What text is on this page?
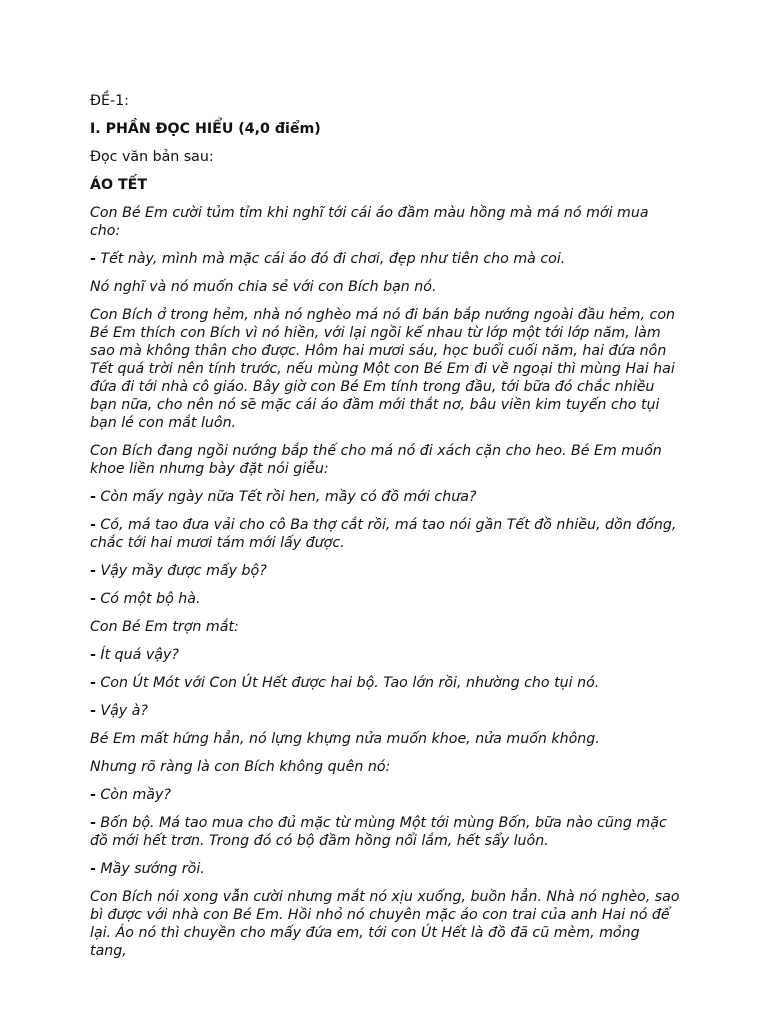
ĐỀ-1:

I. PHẦN ĐỌC HIỂU (4,0 điểm)

Đọc văn bản sau:

ÁO TẾT

Con Bé Em cười tủm tỉm khi nghĩ tới cái áo đầm màu hồng mà má nó mới mua cho:

- Tết này, mình mà mặc cái áo đó đi chơi, đẹp như tiên cho mà coi.

Nó nghĩ và nó muốn chia sẻ với con Bích bạn nó.

Con Bích ở trong hẻm, nhà nó nghèo má nó đi bán bắp nướng ngoài đầu hẻm, con Bé Em thích con Bích vì nó hiền, với lại ngồi kế nhau từ lớp một tới lớp năm, làm sao mà không thân cho được. Hôm hai mươi sáu, học buổi cuối năm, hai đứa nôn Tết quá trời nên tính trước, nếu mùng Một con Bé Em đi về ngoại thì mùng Hai hai đứa đi tới nhà cô giáo. Bây giờ con Bé Em tính trong đầu, tới bữa đó chắc nhiều bạn nữa, cho nên nó sẽ mặc cái áo đầm mới thắt nơ, bâu viền kim tuyến cho tụi bạn lé con mắt luôn.

Con Bích đang ngồi nướng bắp thế cho má nó đi xách cặn cho heo. Bé Em muốn khoe liền nhưng bày đặt nói giễu:

- Còn mấy ngày nữa Tết rồi hen, mầy có đồ mới chưa?

- Có, má tao đưa vải cho cô Ba thợ cắt rồi, má tao nói gần Tết đồ nhiều, dồn đống, chắc tới hai mươi tám mới lấy được.

- Vậy mầy được mấy bộ?

- Có một bộ hà.

Con Bé Em trợn mắt:

- Ít quá vậy?

- Con Út Mót với Con Út Hết được hai bộ. Tao lớn rồi, nhường cho tụi nó.

- Vậy à?

Bé Em mất hứng hẳn, nó lựng khựng nửa muốn khoe, nửa muốn không.

Nhưng rõ ràng là con Bích không quên nó:

- Còn mầy?

- Bốn bộ. Má tao mua cho đủ mặc từ mùng Một tới mùng Bốn, bữa nào cũng mặc đồ mới hết trơn. Trong đó có bộ đầm hồng nổi lắm, hết sẩy luôn.

- Mầy sướng rồi.

Con Bích nói xong vẫn cười nhưng mắt nó xịu xuống, buồn hẳn. Nhà nó nghèo, sao bì được với nhà con Bé Em. Hồi nhỏ nó chuyên mặc áo con trai của anh Hai nó để lại. Áo nó thì chuyền cho mấy đứa em, tới con Út Hết là đồ đã cũ mèm, mỏng tang,
